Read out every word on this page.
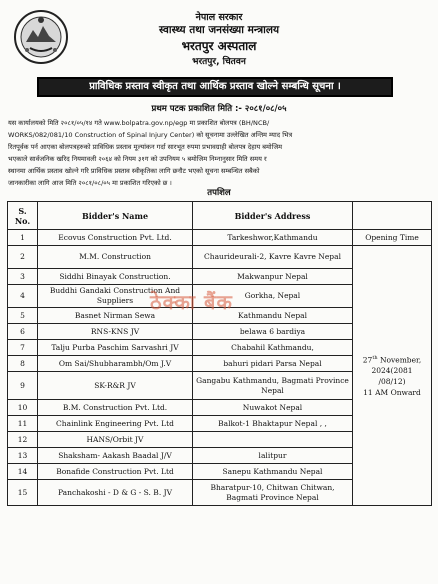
नेपाल सरकार
स्वास्थ्य तथा जनसंख्या मन्त्रालय
भरतपुर अस्पताल
भरतपुर, चितवन
प्राविधिक प्रस्ताव स्वीकृत तथा आर्थिक प्रस्ताव खोल्ने सम्बन्धि सूचना ।
प्रथम पटक प्रकाशित मिति :- २०८१/०८/०५

यस कार्यालयको मिति २०८१/०५/१४ गते www.bolpatra.gov.np/egp मा प्रकाशित बोलपत्र (BH/NCB/

WORKS/082/081/10 Construction of Spinal Injury Center) को सूचनामा उल्लेखित अन्तिम म्याद भित्र

रितपूर्वक पर्न आएका बोलपत्रहरुको प्राविधिक प्रस्ताव मूल्यांकन गर्दा सारभूत रुपमा प्रभावग्राही बोलपत्र देहाय बमोजिम

भएकाले सार्वजनिक खरिद नियमावली २०६४ को नियम ३१ग को उपनियम ५ बमोजिम निम्नानुसार मिति समय र

स्थानमा आर्थिक प्रस्ताव खोल्ने गरि प्राविधिक प्रस्ताव स्वीकृतिका लागि छनौट भएको सूचना सम्बन्धित सबैको

जानकारीका लागि आज मिति २०८१/०८/०५ मा प्रकाशित गरिएको छ ।

तपशिल
S.
No.	Bidder's Name	Bidder's Address	
1	Ecovus Construction Pvt. Ltd.	Tarkeshwor,Kathmandu	Opening Time
2	M.M. Construction	Chaurideurali-2, Kavre Kavre Nepal	27th November,
2024(2081
/08/12)
11 AM Onward
3	Siddhi Binayak Construction.	Makwanpur Nepal	
4	Buddhi Gandaki Construction And Suppliers	Gorkha, Nepal	
5	Basnet Nirman Sewa	Kathmandu Nepal	
6	RNS-KNS JV	belawa 6 bardiya	
7	Talju Purba Paschim Sarvashri JV	Chabahil Kathmandu,	
8	Om Sai/Shubharambh/Om J.V	bahuri pidari Parsa Nepal	
9	SK-R&R JV	Gangabu Kathmandu, Bagmati Province Nepal	
10	B.M. Construction Pvt. Ltd.	Nuwakot Nepal	
11	Chainlink Engineering Pvt. Ltd	Balkot-1 Bhaktapur Nepal , ,	
12	HANS/Orbit JV		
13	Shaksham- Aakash Baadal J/V	lalitpur	
14	Bonafide Construction Pvt. Ltd	Sanepu Kathmandu Nepal	
15	Panchakoshi - D & G - S. B. JV	Bharatpur-10, Chitwan Chitwan, Bagmati Province Nepal	
ठेक्का बैंक
